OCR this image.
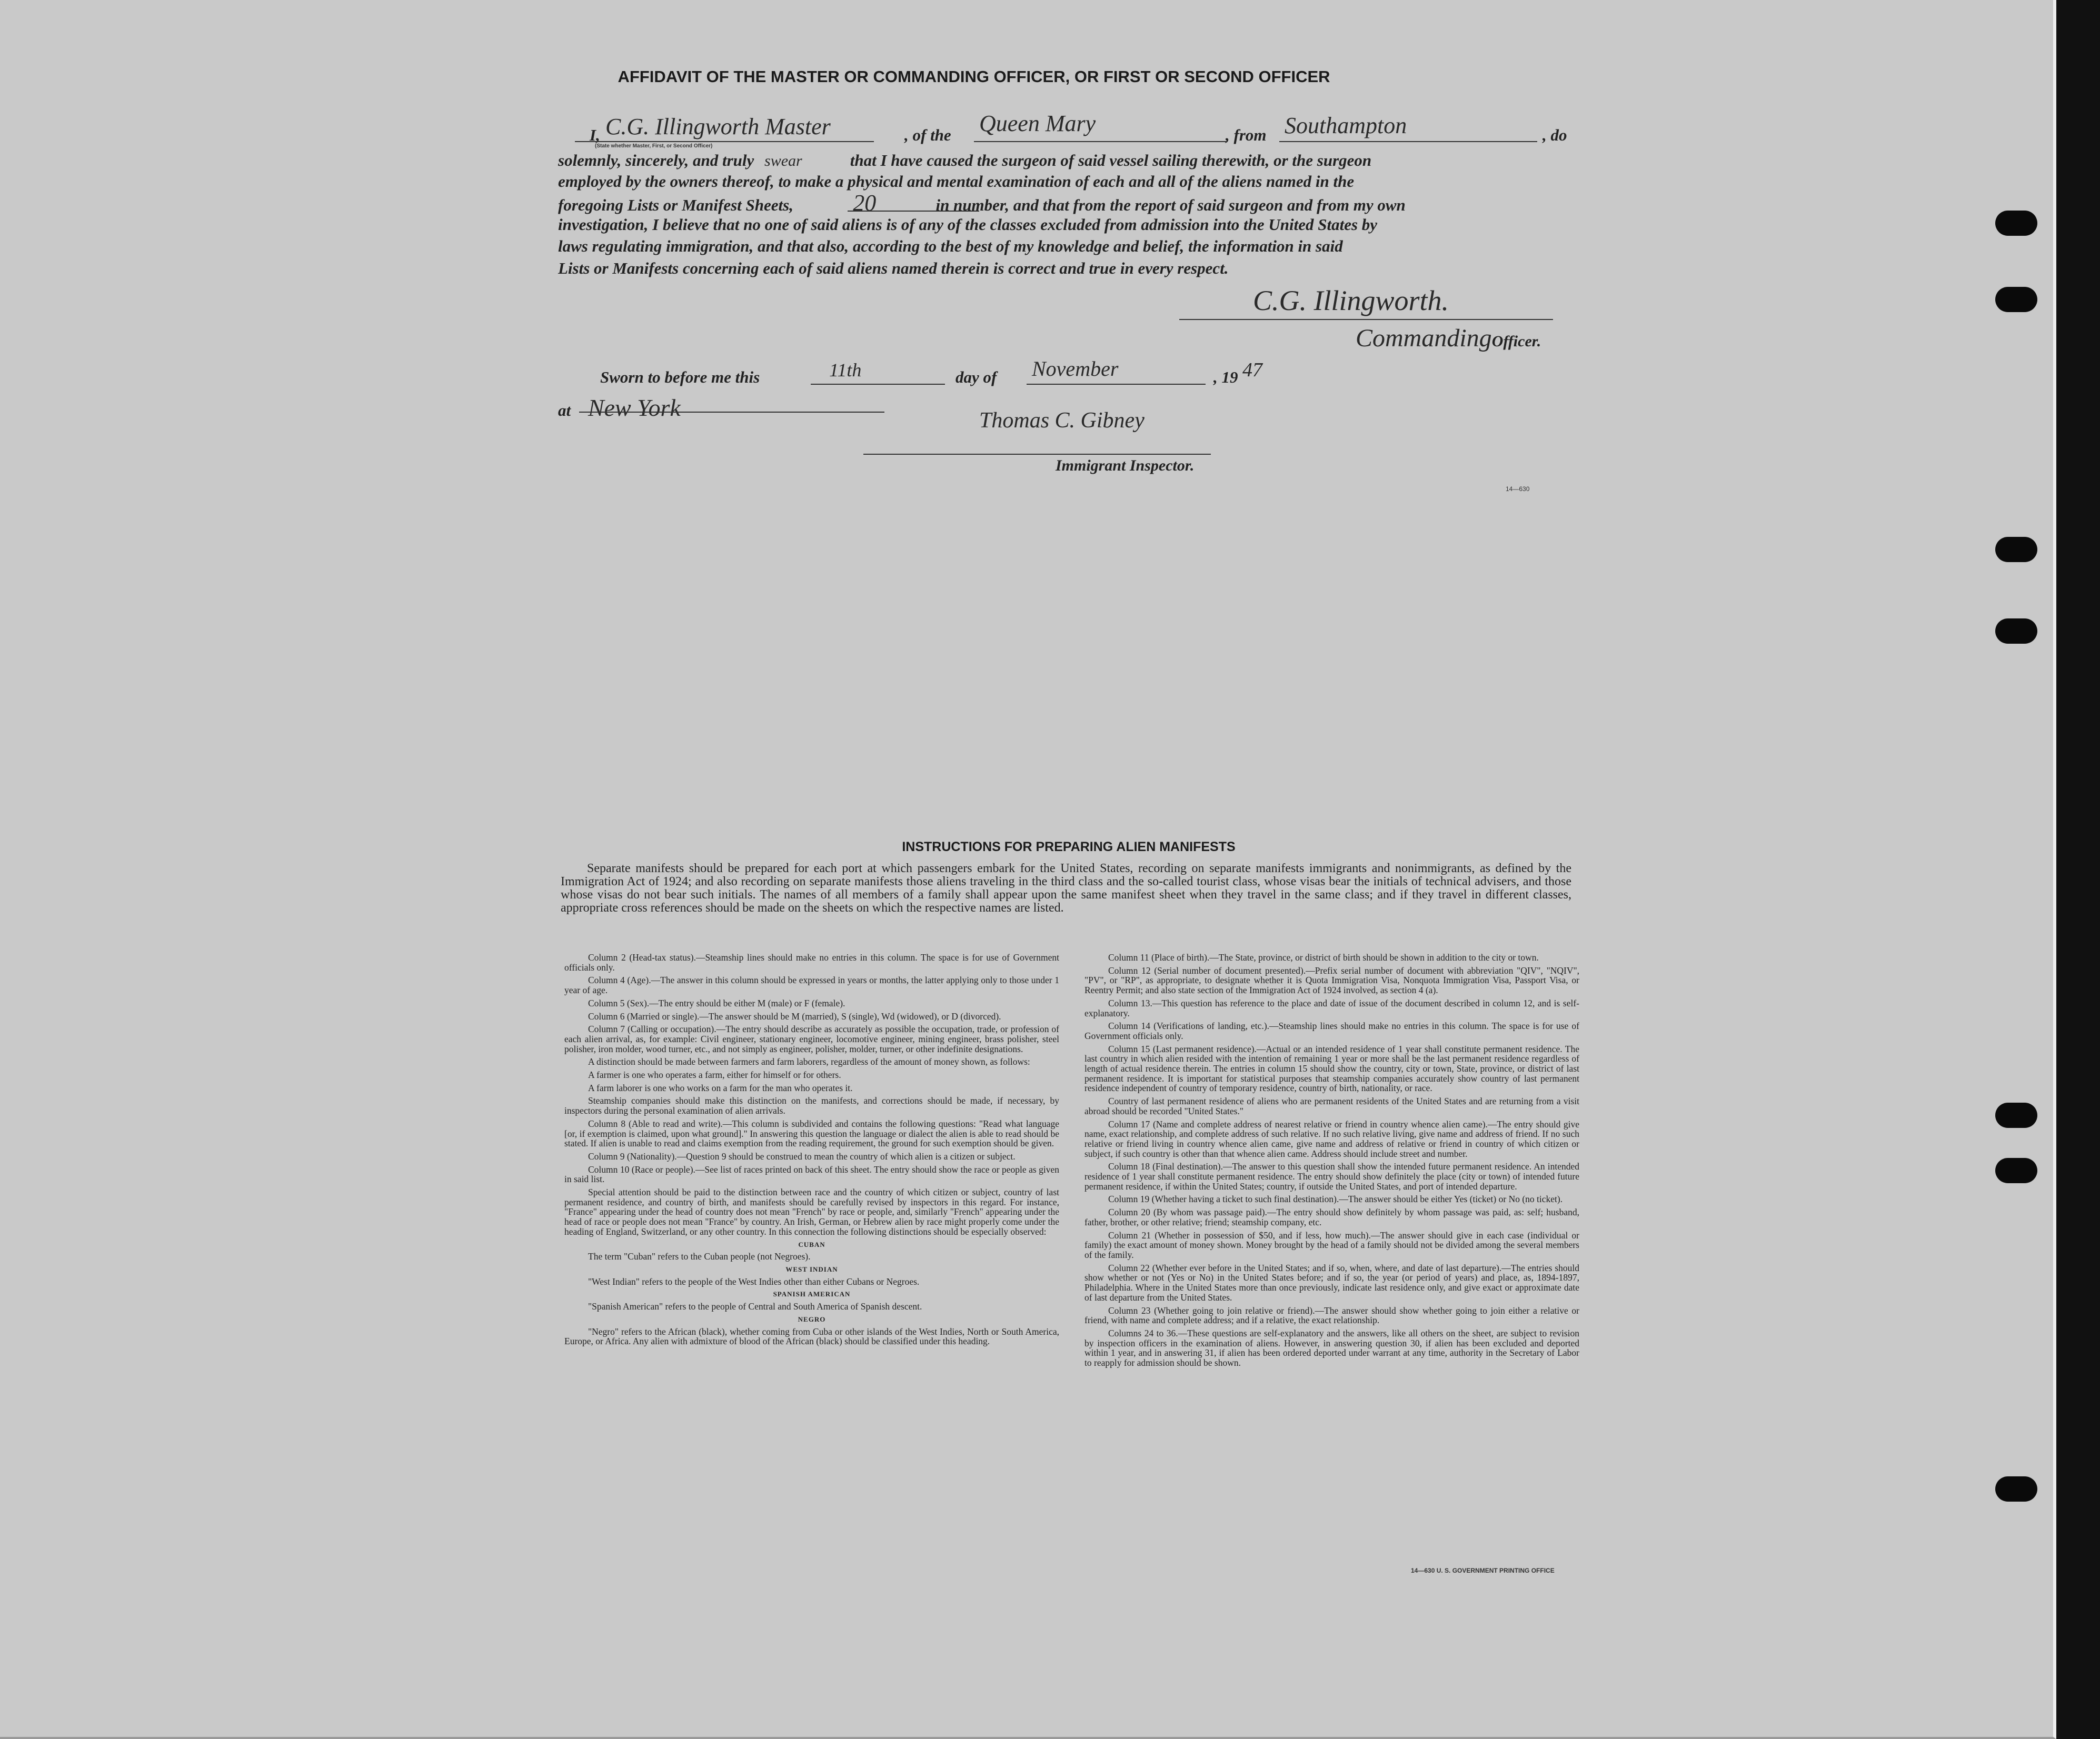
AFFIDAVIT OF THE MASTER OR COMMANDING OFFICER, OR FIRST OR SECOND OFFICER
I, C.G. Illingworth Master	, of the Queen Mary	, from Southampton	, do
(State whether Master, First, or Second Officer)
solemnly, sincerely, and truly swear	that I have caused the surgeon of said vessel sailing therewith, or the surgeon
employed by the owners thereof, to make a physical and mental examination of each and all of the aliens named in the
foregoing Lists or Manifest Sheets,	20	in number, and that from the report of said surgeon and from my own
investigation, I believe that no one of said aliens is of any of the classes excluded from admission into the United States by
laws regulating immigration, and that also, according to the best of my knowledge and belief, the information in said
Lists or Manifests concerning each of said aliens named therein is correct and true in every respect.
C.G. Illingworth.
CommandingOfficer.
Sworn to before me this	11th	day of November	, 19 47
at New York	Thomas C. Gibney
Immigrant Inspector.
14—630
INSTRUCTIONS FOR PREPARING ALIEN MANIFESTS
Separate manifests should be prepared for each port at which passengers embark for the United States, recording on separate manifests immigrants and nonimmigrants, as defined by the Immigration Act of 1924; and also recording on separate manifests those aliens traveling in the third class and the so-called tourist class, whose visas bear the initials of technical advisers, and those whose visas do not bear such initials. The names of all members of a family shall appear upon the same manifest sheet when they travel in the same class; and if they travel in different classes, appropriate cross references should be made on the sheets on which the respective names are listed.

Column 2 (Head-tax status).—Steamship lines should make no entries in this column. The space is for use of Government officials only.

Column 4 (Age).—The answer in this column should be expressed in years or months, the latter applying only to those under 1 year of age.

Column 5 (Sex).—The entry should be either M (male) or F (female).

Column 6 (Married or single).—The answer should be M (married), S (single), Wd (widowed), or D (divorced).

Column 7 (Calling or occupation).—The entry should describe as accurately as possible the occupation, trade, or profession of each alien arrival, as, for example: Civil engineer, stationary engineer, locomotive engineer, mining engineer, brass polisher, steel polisher, iron molder, wood turner, etc., and not simply as engineer, polisher, molder, turner, or other indefinite designations.

A distinction should be made between farmers and farm laborers, regardless of the amount of money shown, as follows:

A farmer is one who operates a farm, either for himself or for others.

A farm laborer is one who works on a farm for the man who operates it.

Steamship companies should make this distinction on the manifests, and corrections should be made, if necessary, by inspectors during the personal examination of alien arrivals.

Column 8 (Able to read and write).—This column is subdivided and contains the following questions: "Read what language [or, if exemption is claimed, upon what ground]." In answering this question the language or dialect the alien is able to read should be stated. If alien is unable to read and claims exemption from the reading requirement, the ground for such exemption should be given.

Column 9 (Nationality).—Question 9 should be construed to mean the country of which alien is a citizen or subject.

Column 10 (Race or people).—See list of races printed on back of this sheet. The entry should show the race or people as given in said list.

Special attention should be paid to the distinction between race and the country of which citizen or subject, country of last permanent residence, and country of birth, and manifests should be carefully revised by inspectors in this regard. For instance, "France" appearing under the head of country does not mean "French" by race or people, and, similarly "French" appearing under the head of race or people does not mean "France" by country. An Irish, German, or Hebrew alien by race might properly come under the heading of England, Switzerland, or any other country. In this connection the following distinctions should be especially observed:

CUBAN

The term "Cuban" refers to the Cuban people (not Negroes).

WEST INDIAN

"West Indian" refers to the people of the West Indies other than either Cubans or Negroes.

SPANISH AMERICAN

"Spanish American" refers to the people of Central and South America of Spanish descent.

NEGRO

"Negro" refers to the African (black), whether coming from Cuba or other islands of the West Indies, North or South America, Europe, or Africa. Any alien with admixture of blood of the African (black) should be classified under this heading.

Column 11 (Place of birth).—The State, province, or district of birth should be shown in addition to the city or town.

Column 12 (Serial number of document presented).—Prefix serial number of document with abbreviation "QIV", "NQIV", "PV", or "RP", as appropriate, to designate whether it is Quota Immigration Visa, Nonquota Immigration Visa, Passport Visa, or Reentry Permit; and also state section of the Immigration Act of 1924 involved, as section 4 (a).

Column 13.—This question has reference to the place and date of issue of the document described in column 12, and is self-explanatory.

Column 14 (Verifications of landing, etc.).—Steamship lines should make no entries in this column. The space is for use of Government officials only.

Column 15 (Last permanent residence).—Actual or an intended residence of 1 year shall constitute permanent residence. The last country in which alien resided with the intention of remaining 1 year or more shall be the last permanent residence regardless of length of actual residence therein. The entries in column 15 should show the country, city or town, State, province, or district of last permanent residence. It is important for statistical purposes that steamship companies accurately show country of last permanent residence independent of country of temporary residence, country of birth, nationality, or race.

Country of last permanent residence of aliens who are permanent residents of the United States and are returning from a visit abroad should be recorded "United States."

Column 17 (Name and complete address of nearest relative or friend in country whence alien came).—The entry should give name, exact relationship, and complete address of such relative. If no such relative living, give name and address of friend. If no such relative or friend living in country whence alien came, give name and address of relative or friend in country of which citizen or subject, if such country is other than that whence alien came. Address should include street and number.

Column 18 (Final destination).—The answer to this question shall show the intended future permanent residence. An intended residence of 1 year shall constitute permanent residence. The entry should show definitely the place (city or town) of intended future permanent residence, if within the United States; country, if outside the United States, and port of intended departure.

Column 19 (Whether having a ticket to such final destination).—The answer should be either Yes (ticket) or No (no ticket).

Column 20 (By whom was passage paid).—The entry should show definitely by whom passage was paid, as: self; husband, father, brother, or other relative; friend; steamship company, etc.

Column 21 (Whether in possession of $50, and if less, how much).—The answer should give in each case (individual or family) the exact amount of money shown. Money brought by the head of a family should not be divided among the several members of the family.

Column 22 (Whether ever before in the United States; and if so, when, where, and date of last departure).—The entries should show whether or not (Yes or No) in the United States before; and if so, the year (or period of years) and place, as, 1894-1897, Philadelphia. Where in the United States more than once previously, indicate last residence only, and give exact or approximate date of last departure from the United States.

Column 23 (Whether going to join relative or friend).—The answer should show whether going to join either a relative or friend, with name and complete address; and if a relative, the exact relationship.

Columns 24 to 36.—These questions are self-explanatory and the answers, like all others on the sheet, are subject to revision by inspection officers in the examination of aliens. However, in answering question 30, if alien has been excluded and deported within 1 year, and in answering 31, if alien has been ordered deported under warrant at any time, authority in the Secretary of Labor to reapply for admission should be shown.

14—630 U. S. GOVERNMENT PRINTING OFFICE
